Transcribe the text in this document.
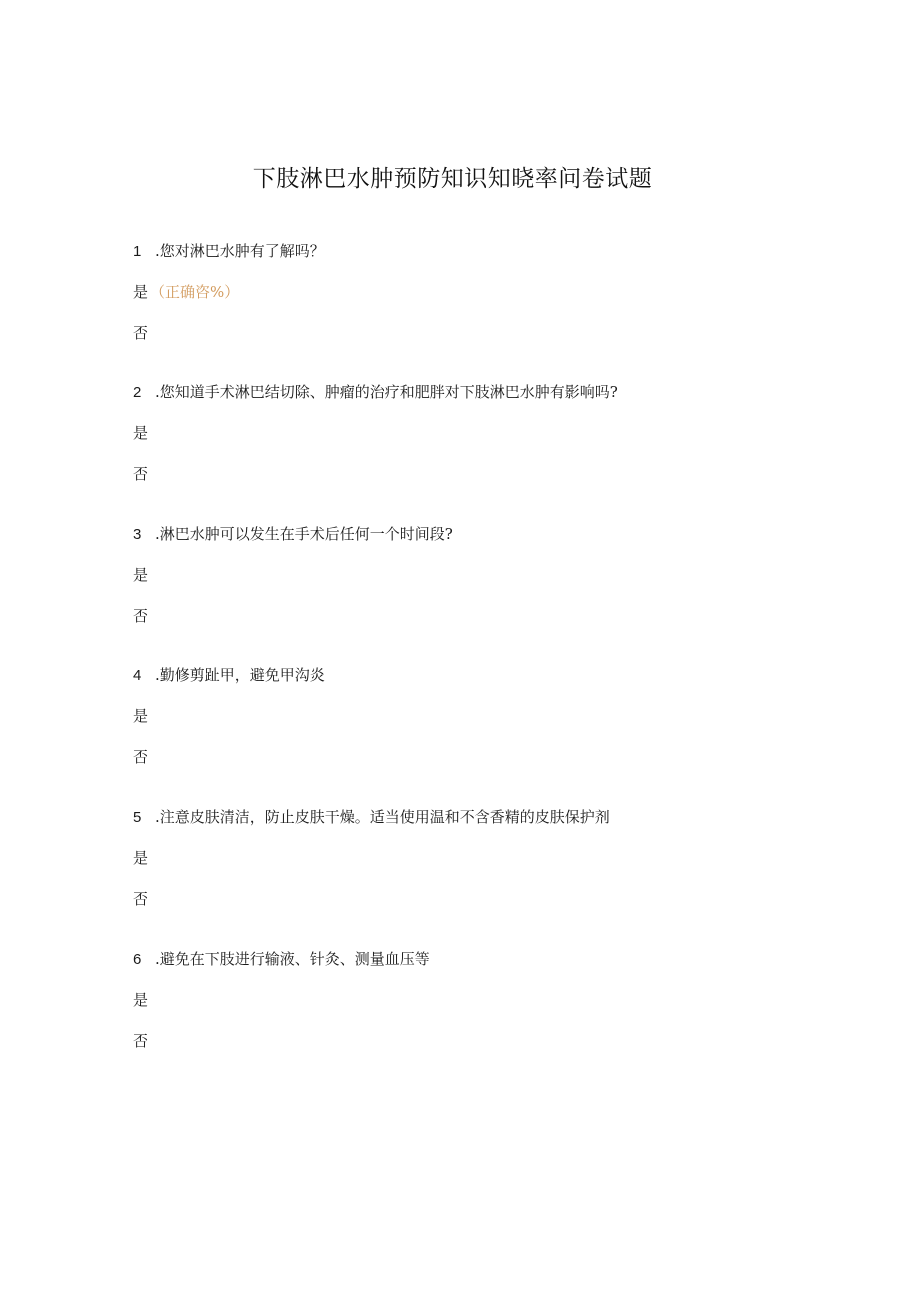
下肢淋巴水肿预防知识知晓率问卷试题
1 .您对淋巴水肿有了解吗？
是 （正确咨%）
否
2 .您知道手术淋巴结切除、肿瘤的治疗和肥胖对下肢淋巴水肿有影响吗?
是
否
3 .淋巴水肿可以发生在手术后任何一个时间段?
是
否
4 .勤修剪趾甲，避免甲沟炎
是
否
5 .注意皮肤清洁，防止皮肤干燥。适当使用温和不含香精的皮肤保护剂
是
否
6 .避免在下肢进行输液、针灸、测量血压等
是
否
